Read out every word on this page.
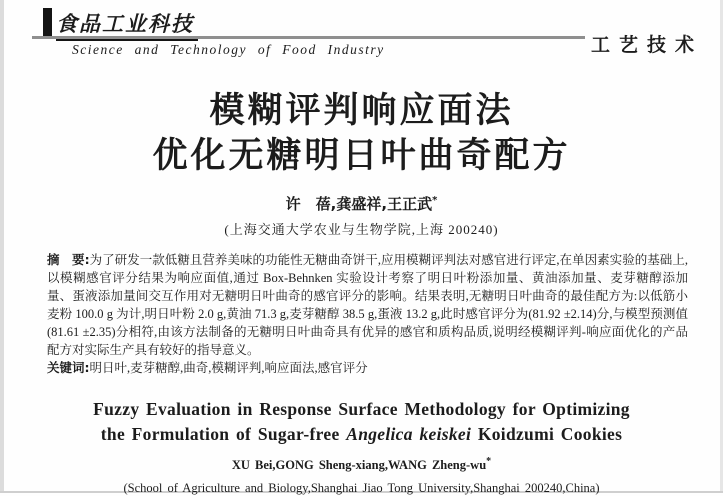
食品工业科技
Science and Technology of Food Industry	工艺技术
模糊评判响应面法
优化无糖明日叶曲奇配方
许　蓓,龚盛祥,王正武*
(上海交通大学农业与生物学院,上海 200240)
摘　要:为了研发一款低糖且营养美味的功能性无糖曲奇饼干,应用模糊评判法对感官进行评定,在单因素实验的基础上,以模糊感官评分结果为响应面值,通过 Box-Behnken 实验设计考察了明日叶粉添加量、黄油添加量、麦芽糖醇添加量、蛋液添加量间交互作用对无糖明日叶曲奇的感官评分的影响。结果表明,无糖明日叶曲奇的最佳配方为:以低筋小麦粉 100.0 g 为计,明日叶粉 2.0 g,黄油 71.3 g,麦芽糖醇 38.5 g,蛋液 13.2 g,此时感官评分为(81.92 ±2.14)分,与模型预测值(81.61 ±2.35)分相符,由该方法制备的无糖明日叶曲奇具有优异的感官和质构品质,说明经模糊评判-响应面优化的产品配方对实际生产具有较好的指导意义。
关键词:明日叶,麦芽糖醇,曲奇,模糊评判,响应面法,感官评分
Fuzzy Evaluation in Response Surface Methodology for Optimizing
the Formulation of Sugar-free Angelica keiskei Koidzumi Cookies
XU Bei,GONG Sheng-xiang,WANG Zheng-wu*
(School of Agriculture and Biology,Shanghai Jiao Tong University,Shanghai 200240,China)
